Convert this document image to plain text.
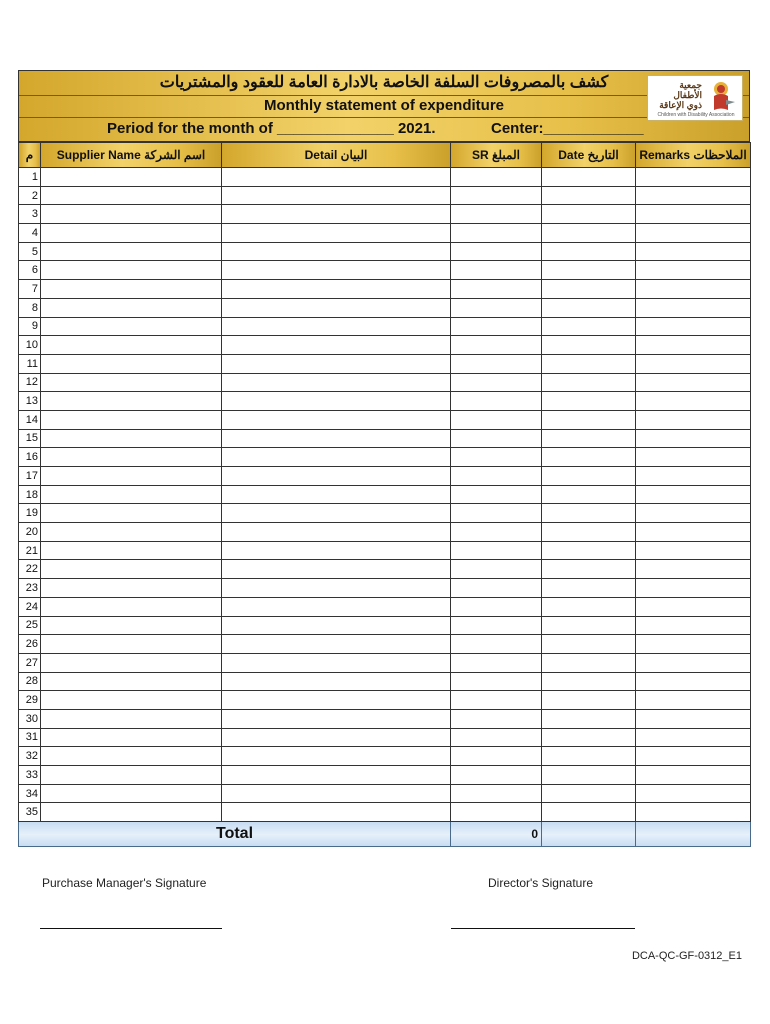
كشف بالمصروفات السلفة الخاصة بالادارة العامة للعقود والمشتريات
Monthly statement of expenditure
Period for the month of ______________ 2021.	Center:____________
جمعية
الأطفال
ذوي الإعاقة
Children with Disability Association
م	Supplier Name اسم الشركة	Detail البيان	SR المبلغ	Date التاريخ	Remarks الملاحظات
1					
2					
3					
4					
5					
6					
7					
8					
9					
10					
11					
12					
13					
14					
15					
16					
17					
18					
19					
20					
21					
22					
23					
24					
25					
26					
27					
28					
29					
30					
31					
32					
33					
34					
35					
Total			0		
Purchase Manager's Signature	Director's Signature
DCA-QC-GF-0312_E1
